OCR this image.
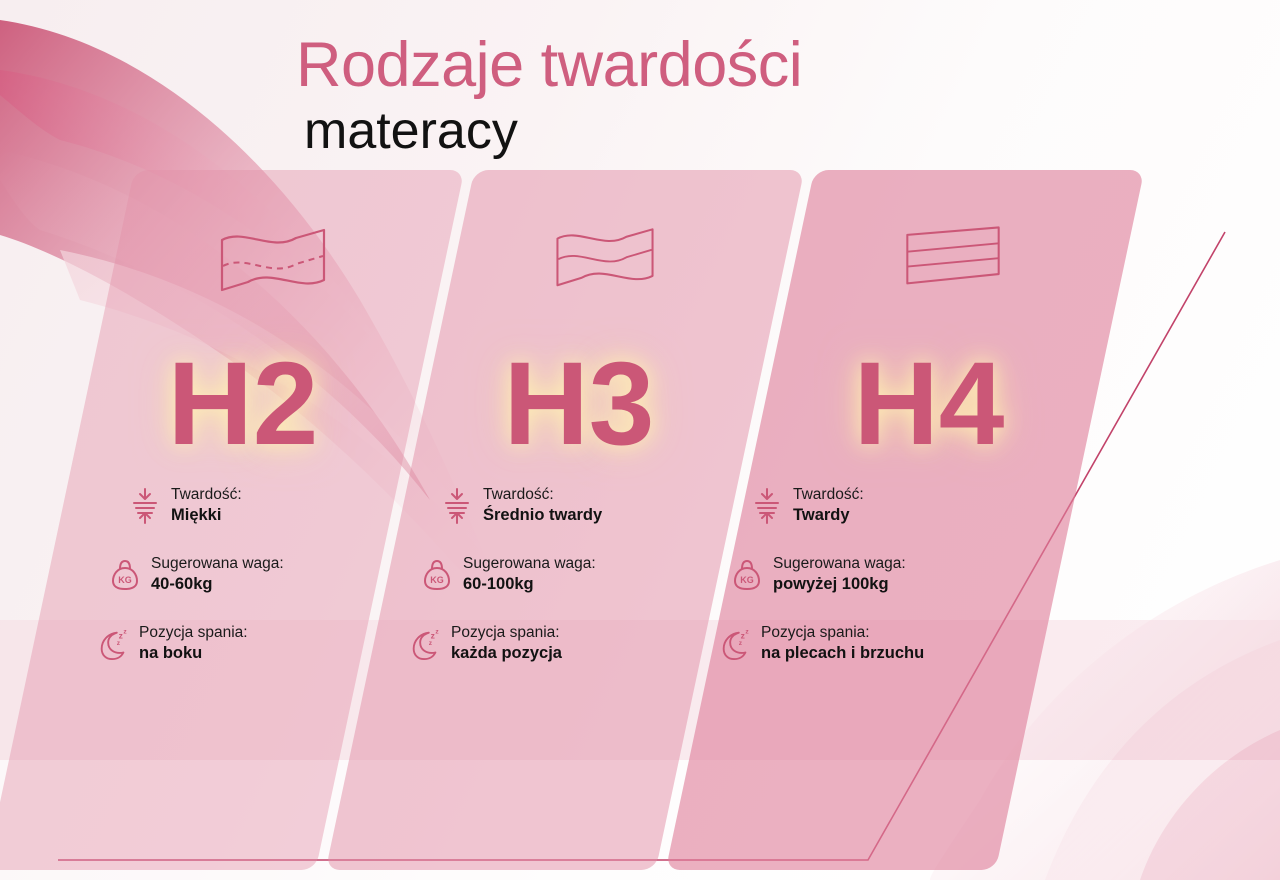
Rodzaje twardości
materacy
H2
Twardość:
Miękki
KG
Sugerowana waga:
40-60kg
z z
z
Pozycja spania:
na boku
H3
Twardość:
Średnio twardy
KG
Sugerowana waga:
60-100kg
z z
z
Pozycja spania:
każda pozycja
H4
Twardość:
Twardy
KG
Sugerowana waga:
powyżej 100kg
z z
z
Pozycja spania:
na plecach i brzuchu
